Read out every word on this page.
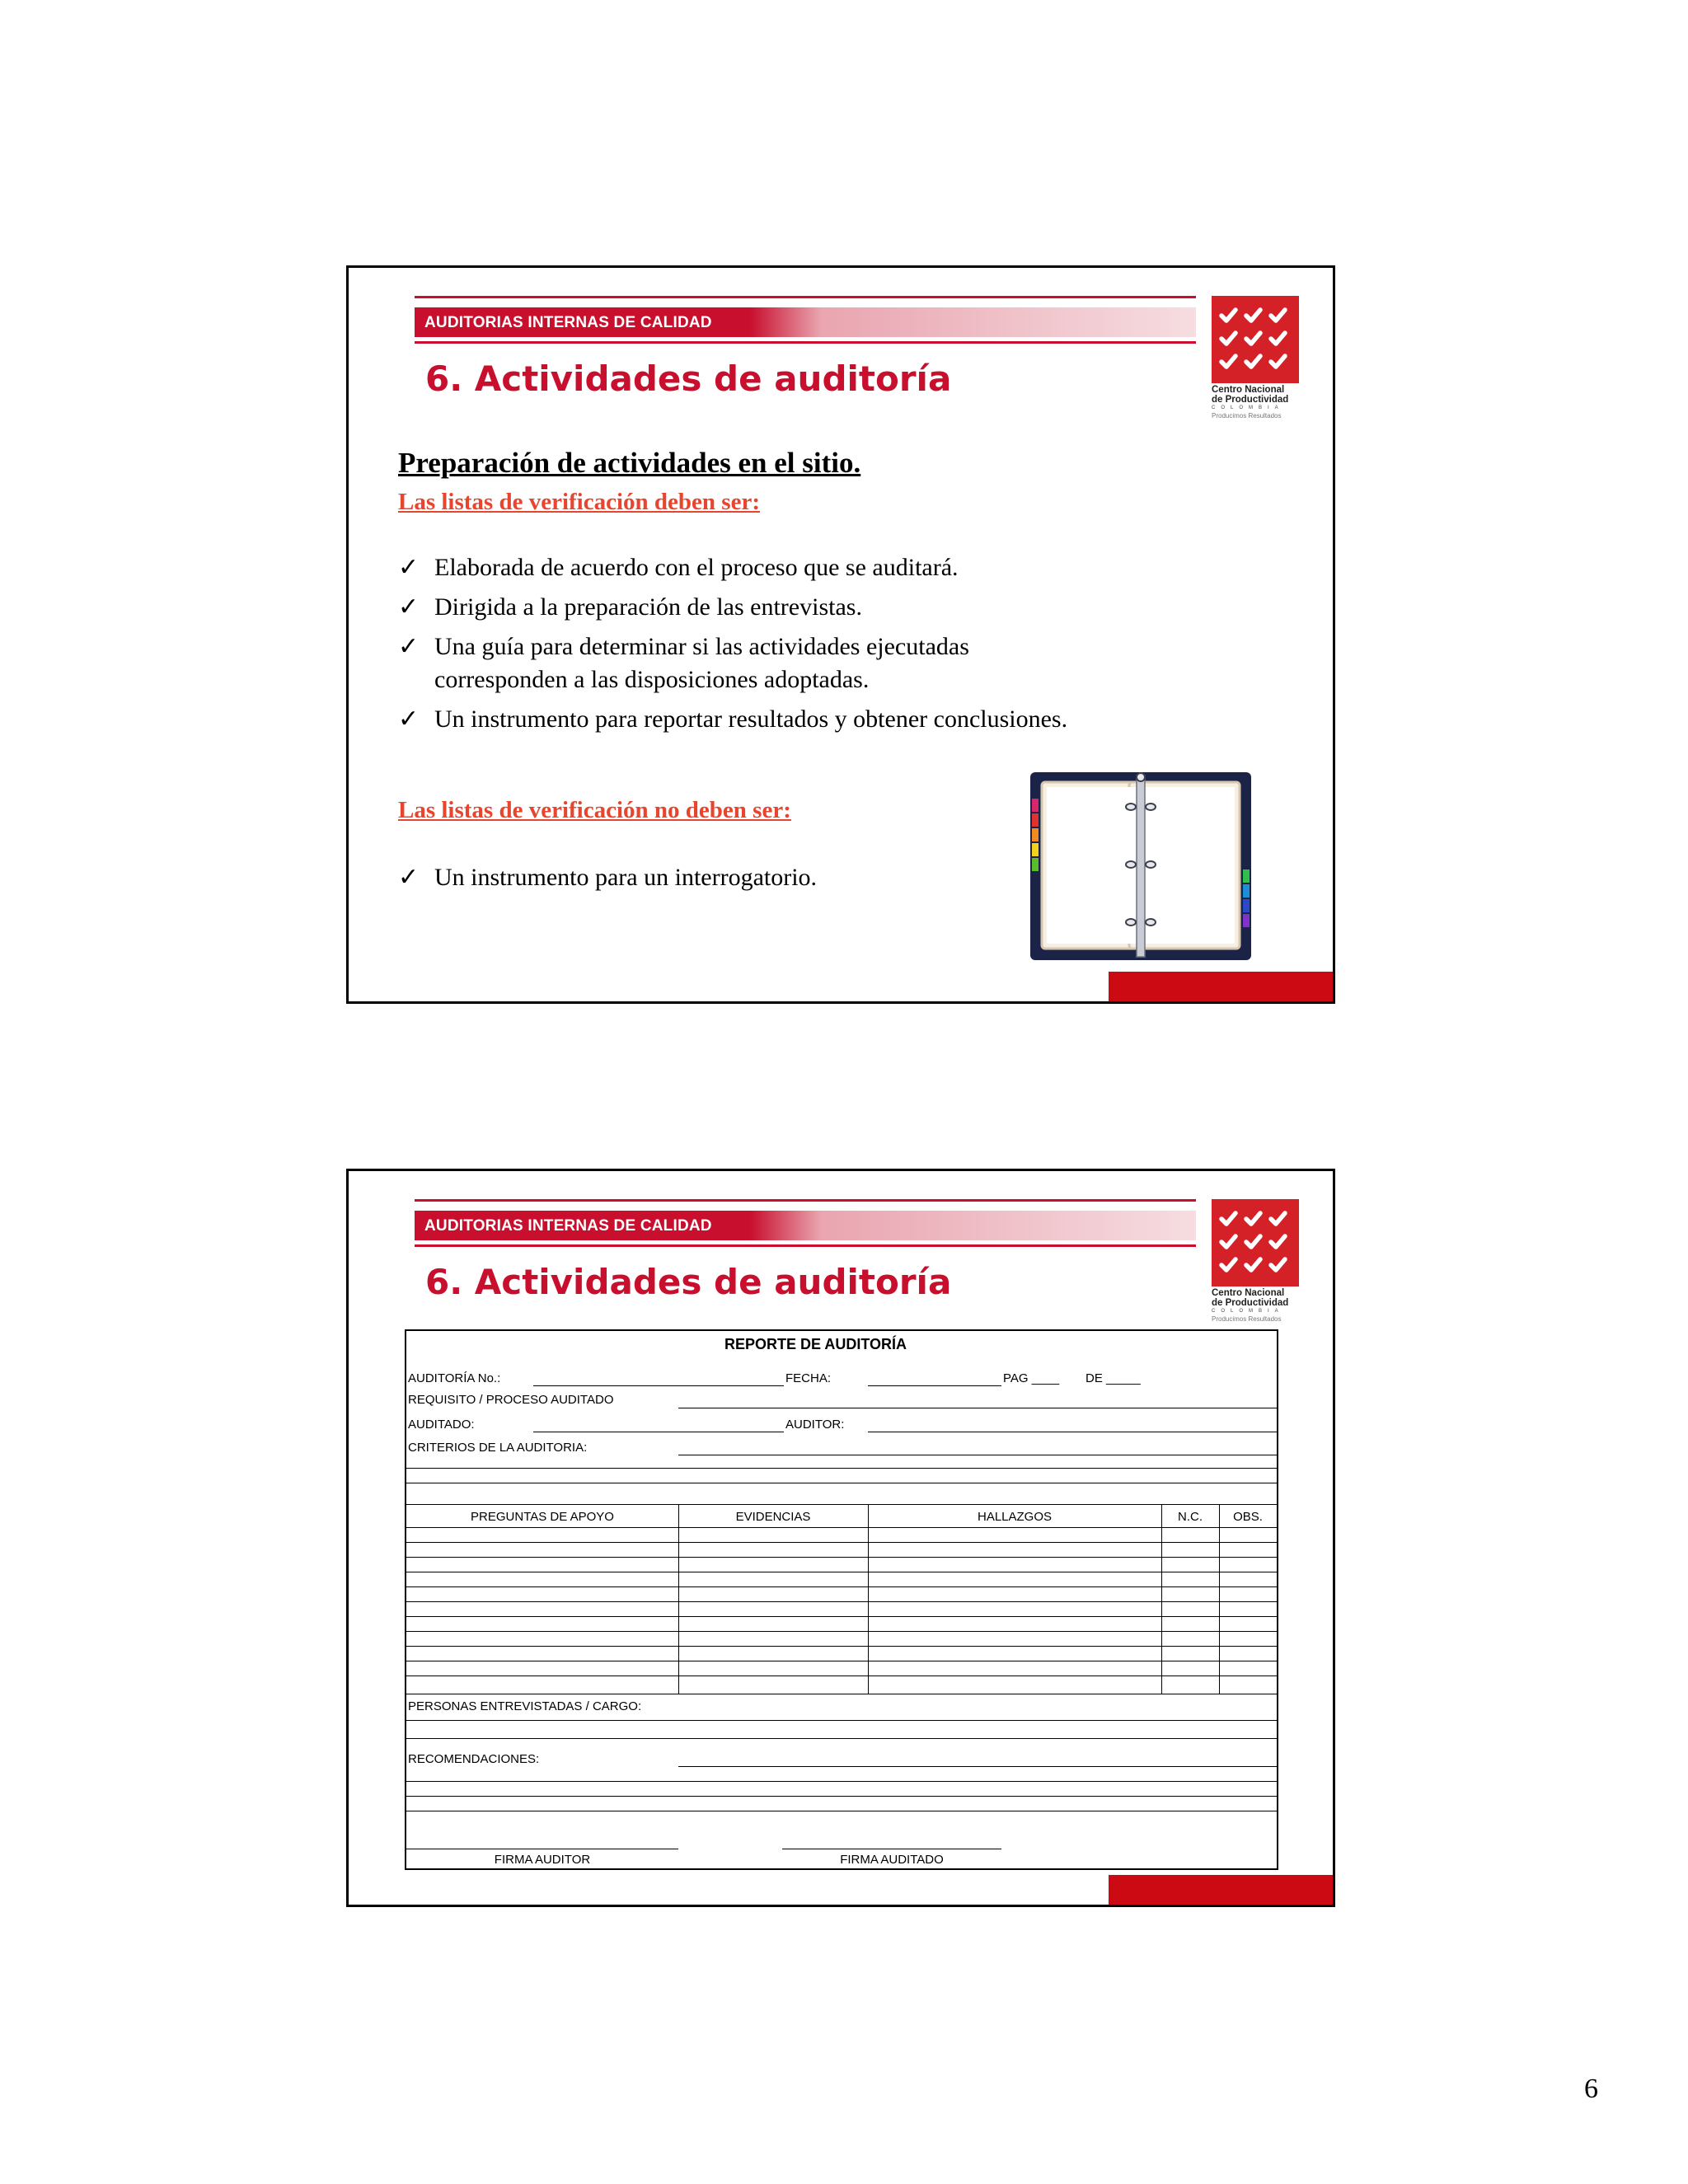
AUDITORIAS INTERNAS DE CALIDAD
6. Actividades de auditoría	Centro Nacional
de Productividad
COLOMBIA
Producimos Resultados
Preparación de actividades en el sitio.
Las listas de verificación deben ser:
✓ Elaborada de acuerdo con el proceso que se auditará.
✓ Dirigida a la preparación de las entrevistas.
✓ Una guía para determinar si las actividades ejecutadas corresponden a las disposiciones adoptadas.
✓ Un instrumento para reportar resultados y obtener conclusiones.
Las listas de verificación no deben ser:
✓ Un instrumento para un interrogatorio.
AUDITORIAS INTERNAS DE CALIDAD
6. Actividades de auditoría	Centro Nacional
de Productividad
COLOMBIA
Producimos Resultados
REPORTE DE AUDITORÍA
AUDITORÍA No.:	FECHA:	PAG ____ DE _____
REQUISITO / PROCESO AUDITADO
AUDITADO:	AUDITOR:
CRITERIOS DE LA AUDITORIA:
PREGUNTAS DE APOYO	EVIDENCIAS	HALLAZGOS	N.C.	OBS.
PERSONAS ENTREVISTADAS / CARGO:
RECOMENDACIONES:
FIRMA AUDITOR	FIRMA AUDITADO
6
